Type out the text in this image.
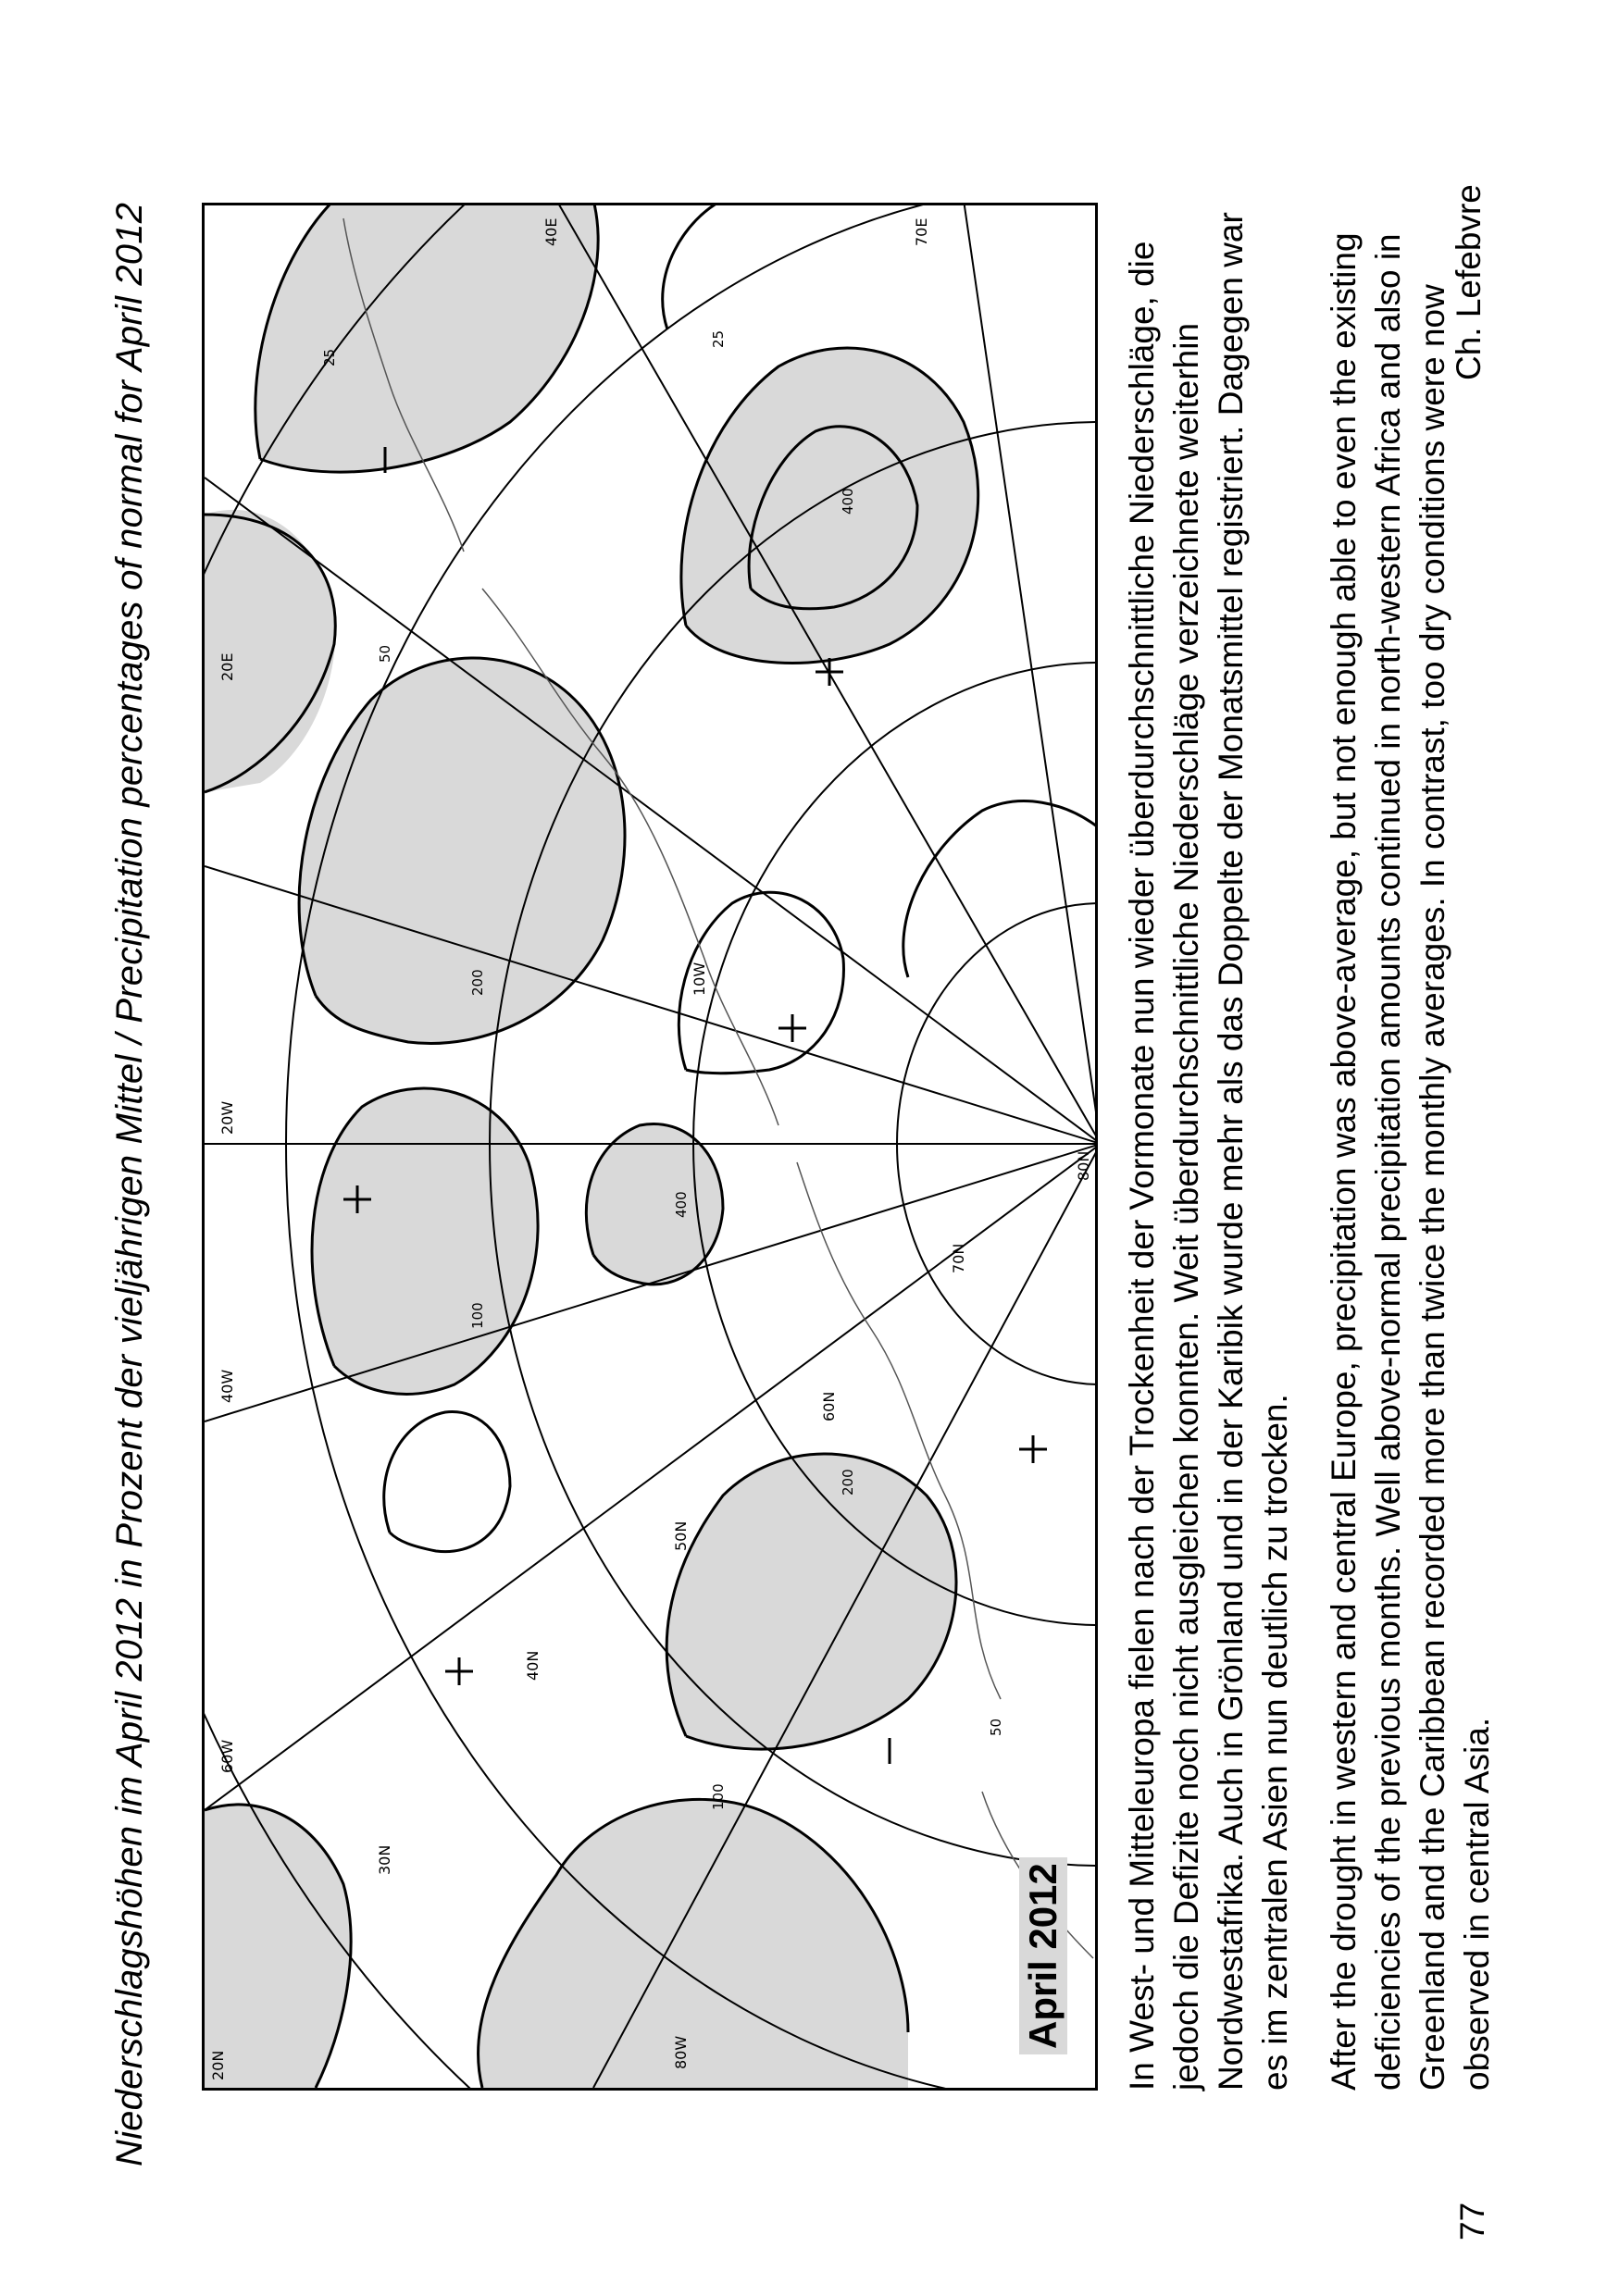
Niederschlagshöhen im April 2012 in Prozent der vieljährigen Mittel / Precipitation percentages of normal for April 2012	20N
30N
40N
50N
60N
70N
80N
80W
60W
40W
20W
10W
20E
40E	70E
100
200
400
200
50
25
100
400
50
25
April 2012 In West- und Mitteleuropa fielen nach der Trockenheit der Vormonate nun wieder überdurchschnittliche Niederschläge, die jedoch die Defizite noch nicht ausgleichen konnten. Weit überdurchschnittliche Niederschläge verzeichnete weiterhin Nordwestafrika. Auch in Grönland und in der Karibik wurde mehr als das Doppelte der Monatsmittel registriert. Dagegen war es im zentralen Asien nun deutlich zu trocken. After the drought in western and central Europe, precipitation was above-average, but not enough able to even the existing deficiencies of the previous months. Well above-normal precipitation amounts continued in north-western Africa and also in Greenland and the Caribbean recorded more than twice the monthly averages. In contrast, too dry conditions were now observed in central Asia.
Ch. Lefebvre
77
